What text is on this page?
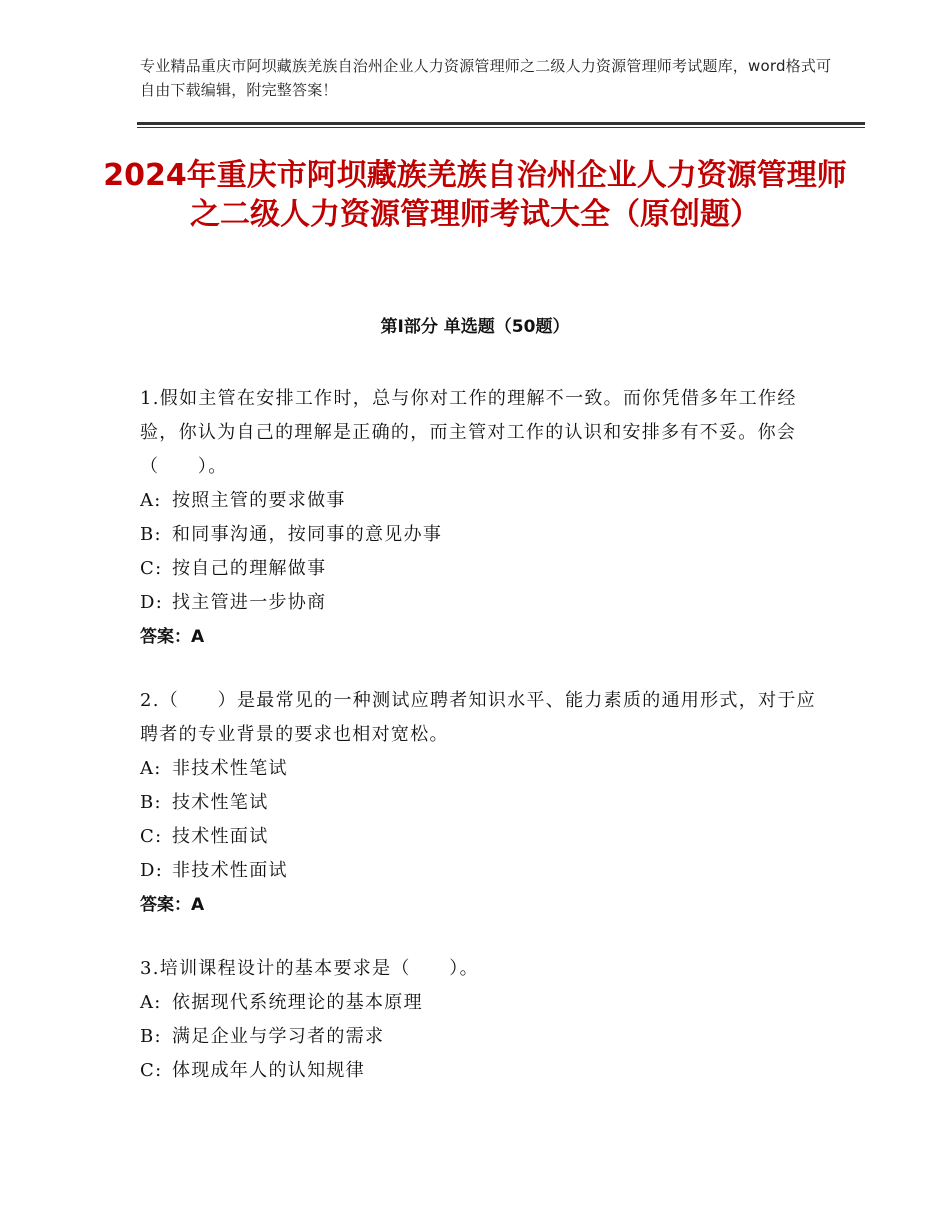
专业精品重庆市阿坝藏族羌族自治州企业人力资源管理师之二级人力资源管理师考试题库，word格式可自由下载编辑，附完整答案！
2024年重庆市阿坝藏族羌族自治州企业人力资源管理师之二级人力资源管理师考试大全（原创题）
第Ⅰ部分 单选题（50题）
1.假如主管在安排工作时，总与你对工作的理解不一致。而你凭借多年工作经验，你认为自己的理解是正确的，而主管对工作的认识和安排多有不妥。你会（　　）。
A: 按照主管的要求做事
B: 和同事沟通，按同事的意见办事
C: 按自己的理解做事
D: 找主管进一步协商
答案：A
2.（　　）是最常见的一种测试应聘者知识水平、能力素质的通用形式，对于应聘者的专业背景的要求也相对宽松。
A: 非技术性笔试
B: 技术性笔试
C: 技术性面试
D: 非技术性面试
答案：A
3.培训课程设计的基本要求是（　　）。
A: 依据现代系统理论的基本原理
B: 满足企业与学习者的需求
C: 体现成年人的认知规律
